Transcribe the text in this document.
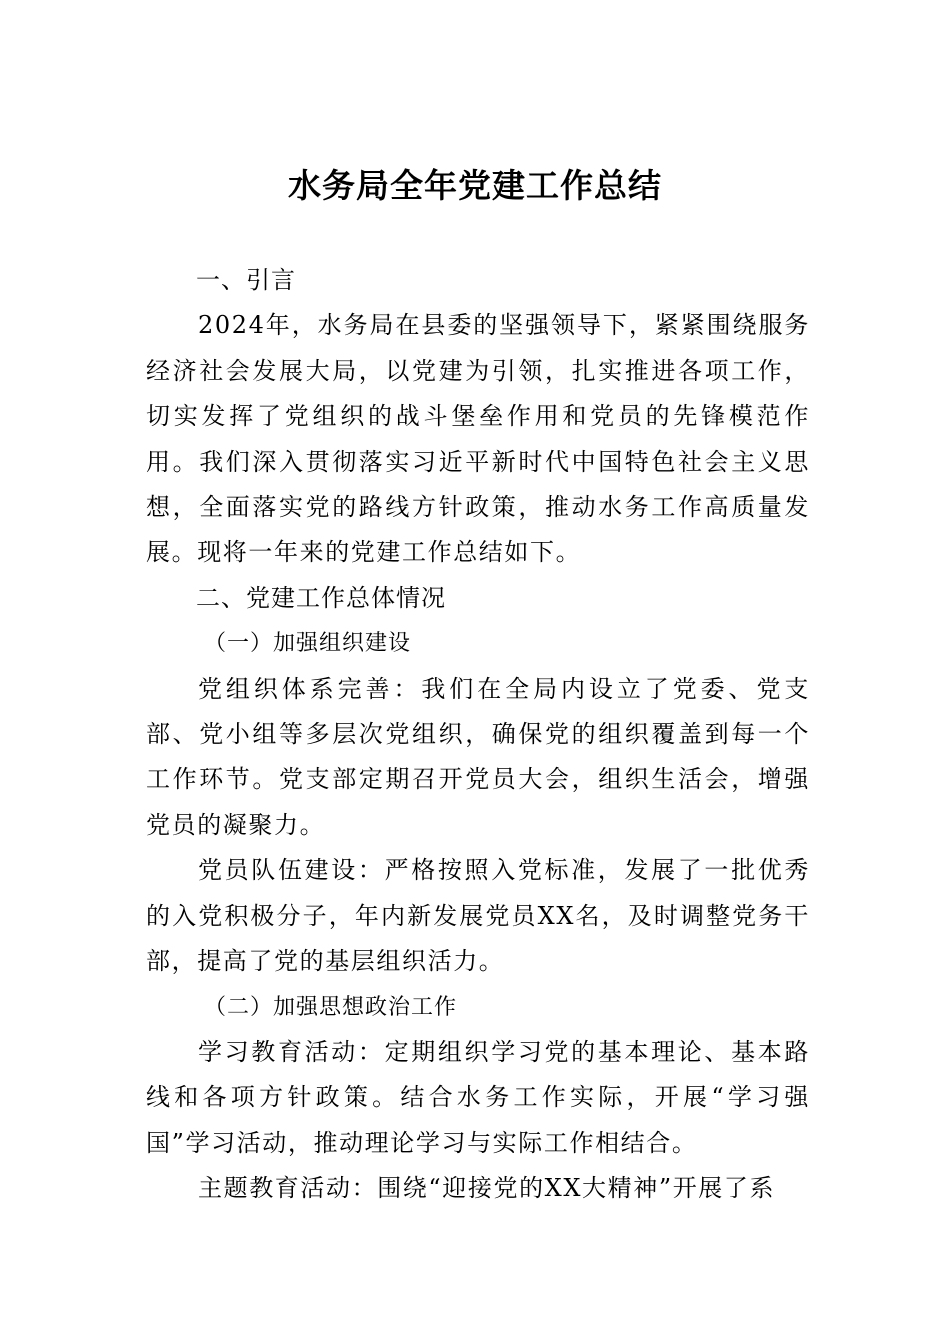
水务局全年党建工作总结

一、引言

2024年，水务局在县委的坚强领导下，紧紧围绕服务经济社会发展大局，以党建为引领，扎实推进各项工作，切实发挥了党组织的战斗堡垒作用和党员的先锋模范作用。我们深入贯彻落实习近平新时代中国特色社会主义思想，全面落实党的路线方针政策，推动水务工作高质量发展。现将一年来的党建工作总结如下。

二、党建工作总体情况

（一）加强组织建设

党组织体系完善：我们在全局内设立了党委、党支部、党小组等多层次党组织，确保党的组织覆盖到每一个工作环节。党支部定期召开党员大会，组织生活会，增强党员的凝聚力。

党员队伍建设：严格按照入党标准，发展了一批优秀的入党积极分子，年内新发展党员XX名，及时调整党务干部，提高了党的基层组织活力。

（二）加强思想政治工作

学习教育活动：定期组织学习党的基本理论、基本路线和各项方针政策。结合水务工作实际，开展“学习强国”学习活动，推动理论学习与实际工作相结合。

主题教育活动：围绕“迎接党的XX大精神”开展了系
